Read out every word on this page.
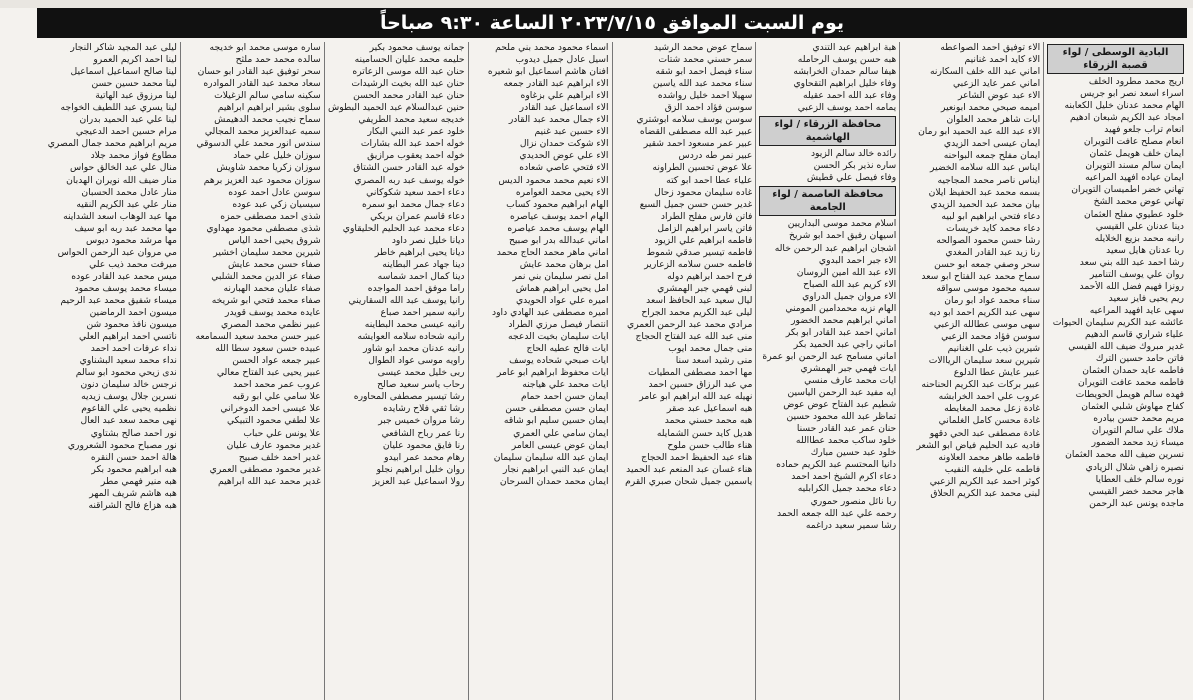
يوم السبت الموافق ٢٠٢٣/٧/١٥ الساعة ٩:٣٠ صباحاً
البادية الوسطى / لواء قصبة الزرقاء
اريج محمد مطرود الخلف
اسراء اسعد نصر ابو جريس
الهام محمد عدنان خليل الكعابنه
امجاد عبد الكريم شبعان ادهيم
انعام تراب جلعو فهيد
انعام مصلح عافت التويران
ايمان خلف هويمل عثمان
ايمان سالم مسند التويران
ايمان عياده افهيد المراعيه
تهاني خضر اطميسان التويران
تهاني عوض محمد الشخ
خلود عطيوي مفلح العثمان
دينا عدنان علي القيسي
رانيه محمد بزيع الخلايله
ربا عدنان هايل سعيد
رشا احمد عبد الله بني سعد
روان علي يوسف التنامير
رونزا فهيم فضل الله الأحمد
ريم يحيى فايز سعيد
سهى عايد افهيد المراعيه
عائشه عبد الكريم سليمان الحيوات
علياء شراري قاسم الدهيم
غدير مبروك ضيف الله القيسي
فاتن حامد حسين الترك
فاطمه عايد حمدان العثمان
فاطمه محمد عافت التويران
فهده سالم هويمل الحويطات
كفاح مهاوش شلبي العثمان
مريم محمد حسن بيادره
ملاك علي سالم التويران
ميساء زيد محمد الضمور
نسرين ضيف الله محمد العثمان
نصيره زاهي شلال الزيادي
نوره سالم خلف العطايا
هاجر محمد خضر القيسي
ماجده يونس عبد الرحمن
الاء توفيق احمد الصواعطه
الاء كايد احمد غنانيم
اماني عبد الله خلف السكارنه
اماني عمر عايد الزعبي
الاء عبد عوض الشاعر
اميمه صبحي محمد ابونعير
ايات شاهر محمد العلوان
الاء عبد الله عبد الحميد ابو رمان
ايمان عيسى احمد الزيدي
ايمان مفلح جمعه البواحنه
ايناس عبد الله سلامه الخضير
ايناس ناصر محمد المجاجيه
بسمه محمد عبد الحفيظ ايلان
بيان محمد عبد الحميد الزيدي
دعاء فتحي ابراهيم ابو لبيه
دعاء محمد كايد خريسات
رشا حسن محمود الصوالحه
رنا زيد عبد القادر المغدي
سحر وصفي جمعه ابو حسن
سماح محمد عبد الفتاح ابو سعد
سميه محمود موسى سواقه
سناء محمد عواد ابو رمان
سهى عبد الكريم احمد ابو ديه
سهى موسى عطالله الزعبي
سوسن فؤاد محمد الزعبي
شيرين ذيب علي الغنانيم
شيرين سعد سليمان الرياالات
عبير عايش عطا الدلوع
عبير بركات عبد الكريم الحناحنه
عروب علي احمد الخرابشه
غادة زعل محمد المغايطه
غادة محسن كامل الغلماني
غادة مصطفى عبد الحي دقهو
فاديه عبد الحليم فياض ابو الشعر
فاطمه طاهر محمد العلاونه
فاطمه علي خليفه النفيب
كوثر احمد عبد الكريم الزعبي
لبنى محمد عبد الكريم الحلاق
هبة ابراهيم عبد التندي
هبه حسن يوسف الرحامله
هيفا سالم حمدان الخرابشه
وفاء خليل ابراهيم التقحاوي
وفاء عبد الله احمد عقيله
يمامه احمد يوسف الزعبي
محافظة الزرقاء / لواء الهاشمية
رائده خالد سالم الزيود
ساره نذير بكر الحسن
وفاء فيصل علي قطيش
محافظة العاصمة / لواء الجامعة
اسلام محمد موسى البداريين
اسيهان رفيق احمد ابو شريخ
اشجان ابراهيم عبد الرحمن خاله
الاء جبر احمد البدوي
الاء عبد الله امين الروسان
الاء كريم عبد الله الصباح
الاء مروان جميل الدراوي
الهام نزيه محمدامين المومني
اماني ابراهيم محمد الخضور
اماني احمد عبد القادر ابو بكر
اماني راجي عبد الحميد بكر
اماني مسامح عبد الرحمن ابو عمرة
ايات فهمي جبر الهمشري
ايات محمد عارف منسي
ايه مفيد عبد الرحمن الياسين
شطيم عبد الفتاح عوض عوض
تماظر عبد الله محمود حسين
حنان عمر عبد القادر حسنا
خلود ساكب محمد عطاالله
خلود عبد حسين مبارك
دانيا المحتسم عبد الكريم حماده
دعاء اكرم الشيخ احمد احمد
دعاء محمد جميل الكرابليه
ربا نائل منصور حموري
رحمه علي عبد الله جمعه الحمد
رشا سمير سعيد دراغمه
سماح عوض محمد الرشيد
سمر حسني محمد شتات
سناء فيصل احمد ابو شقه
سناء محمد عبد الله ياسين
سهيلا احمد خليل رواشده
سوسن فؤاد احمد الزق
سوسن يوسف سلامه ابوشتري
عبير عبد الله مصطفى القضاه
عبير عمر مسعود احمد شقير
عبير نمر طه دردس
علا عوض تحسين الطراونه
علياء عطا احمد ابو كته
غاده سليمان محمود زحال
غدير حسن حسن جميل السبع
فاتن فارس مفلح الطراد
فاتن ياسر ابراهيم الزامل
فاطمه ابراهيم علي الزيود
فاطمه تيسير صدقي شموط
فاطمه حسن سلامه الزعارير
فرح احمد ابراهيم دوله
لبنى فهمي جبر الهمشري
ليال سعيد عبد الحافظ اسعد
ليلى عبد الكريم محمد الجراح
مرادي محمد عبد الرحمن العمري
منى عبد الله عبد الفتاح الحجاج
منى جمال محمد ايوب
منى رشيد اسعد سنا
مها احمد مصطفى المطيات
مي عبد الرزاق حسين احمد
نهيله عبد الله ابراهيم ابو عامر
هبه اسماعيل عبد صقر
هبه محمد حسني محمد
هديل كايد حسن الشمايله
هناء طالب حسن ملوح
هناء عبد الحفيظ احمد الحجاج
هناء غسان عبد المنعم عبد الحميد
ياسمين جميل شحان صبري القرم
اسماء محمود محمد بني ملحم
اسيل عادل جميل ديدوب
افنان هاشم اسماعيل ابو شعيره
الاء ابراهيم عبد القادر جمعه
الاء ابراهيم علي بزغاوه
الاء اسماعيل عبد القادر
الاء جمال محمد عبد القادر
الاء حسين عبد غنيم
الاء شوكت حمدان نزال
الاء علي عوض الحديدي
الاء فتحي عاصي شعاده
الاء نعيم محمد محمود الديس
الاء يحيى محمد العوامره
الهام ابراهيم محمود كساب
الهام احمد يوسف عياصره
الهام يوسف محمد عياصره
اماني عبدالله بدر ابو صبيح
اماني ماهر محمد الحاج محمد
امل برهان محمد عايش
امل نصر سليمان بني نمر
امل يحيى ابراهيم هماش
اميره علي عواد الحويدي
اميره مصطفى عبد الهادي داود
انتصار فيصل مرزي الطراد
ايات سليمان بخيت الدعجه
ايات فالح عطيه الحاج
ايات صبحي شحاده يوسف
ايات محفوظ ابراهيم ابو عامر
ايات محمد علي هياجنه
ايمان حسن احمد حمام
ايمان حسن مصطفى حسن
ايمان حسين سليم ابو شاقه
ايمان سامي علي العمري
ايمان عوض عيسى العامر
ايمان عبد الله سليمان سليمان
ايمان عبد النبي ابراهيم نجار
ايمان محمد حمدان السرحان
جمانه يوسف محمود بكير
حليمه محمد عليان الحسامينه
حنان عبد الله موسى الزعاتره
حنان عبد الله بخيت الرشيدات
حنان عبد القادر محمد الحسن
حنين عبدالسلام عبد الحميد البطوش
خديجه سعيد محمد الطريفي
خلود عمر عبد النبي البكار
خوله احمد عبد الله بشارات
خوله احمد يعقوب مرازيق
خوله عبد القادر حسن الشتاق
خوله يوسف عبد ربه المصري
دعاء احمد سعيد شكوكاني
دعاء جمال محمد ابو سمره
دعاء قاسم عمران بريكي
دعاء محمد عبد الحليم الحليقاوي
ديانا خليل نصر داود
ديانا يحيى ابراهيم خاطر
دينا جهاد عمر البطاينه
دينا كمال احمد شماسه
راما موفق احمد المواجده
رانيا يوسف عبد الله السقاريني
رانيه سمير احمد صباع
رانيه عيسى محمد البطاينه
رانيه شحاده سلامه العوايشه
رانيه عدنان محمد ابو شاور
راويه موسى عواد الطوال
ربى خليل محمد عيسى
رحاب ياسر سعيد صالح
رشا تيسير مصطفى المحاوره
رشا ثقي فلاح رشايده
رشا مروان خميس جبر
رنا عمر رباح الشافعي
رنا فايق محمود عليان
رهام محمد عمر ابيدو
روان خليل ابراهيم نجلو
رولا اسماعيل عبد العزيز
ساره موسى محمد ابو خديجه
سالده محمد حمد ملثح
سحر توفيق عبد القادر ابو حسان
سعاد محمد عبد القادر الموادره
سكينه سامي سالم الزغيلات
سلوى بشير ابراهيم ابراهيم
سماح نجيب محمد الدهيمش
سميه عبدالعزيز محمد المجالي
سندس انور محمد علي الدسوقي
سوزان خليل علي حماد
سوزان زكريا محمد شاويش
سوزان محمود عبد العزيز برهم
سوسن عادل احمد عوده
سيسيان زكي عبد عوده
شذى احمد مصطفى حمزه
شذى مصطفى محمود مهداوي
شروق يحيى احمد الياس
شيرين محمد سليمان اخشير
صفاء حسن محمد عايش
صفاء عز الدين محمد الشلبي
صفاء عليان محمد الهبارنه
صفاء محمد فتحي ابو شريخه
عايده محمد يوسف قويدر
عبير نظمي محمد المصري
عبير حسن محمد سعيد السمامعه
عبيده حسن سعود سطا الله
عبير جمعه عواد الحسن
عبير يحيى عبد الفتاح معالي
عروب عمر محمد احمد
علا سامي علي ابو رقبه
علا عيسى احمد الدوخراني
علا لطفي محمود التبيكي
علا يونس علي حباب
غدير محمود عارف عليان
غدير احمد خلف صبيح
غدير محمود مصطفى العمري
غدير محمد عبد الله ابراهيم
ليلى عبد المجيد شاكر النجار
لينا احمد اكريم العمرو
لينا صالح اسماعيل اسماعيل
لينا محمد حسين حسن
لينا مرزوق عبد الهاتية
لينا يسري عبد اللطيف الخواجه
لينا علي عبد الحميد بدران
مرام حسين احمد الدعيجي
مريم ابراهيم محمد جمال المصري
مطاوع فواز محمد جلاد
منال علي عبد الخالق حواس
منار ضيف الله نويران الهدبان
منار عادل محمد الحسبان
منار علي عبد الكريم النقيه
مها عبد الوهاب اسعد الشداينه
مها محمد عبد ربه ابو سيف
مها مرشد محمود ديوس
مي مروان عبد الرحمن الحواس
ميرفت محمد ذيب علي
ميس محمد عبد القادر عوده
ميساء محمد يوسف محمود
ميساء شفيق محمد عبد الرحيم
ميسون احمد الرماضين
ميسون نافذ محمود شن
ناتسي احمد ابراهيم العلي
نداء عرفات احمد احمد
نداء محمد سعيد البشناوي
ندى زيحي محمود ابو سالم
نرجس خالد سليمان دنون
نسرين جلال يوسف زيديه
نظميه يحيى علي القاعوم
نهى محمد سعد عبد العال
نور احمد صالح بشتاوي
نور مصباح محمود الشعروري
هالة احمد حسن النقره
هبه ابراهيم محمود بكر
هبه منير فهمي مطر
هبه هاشم شريف المهر
هبه هزاع فالح الشراقنه
